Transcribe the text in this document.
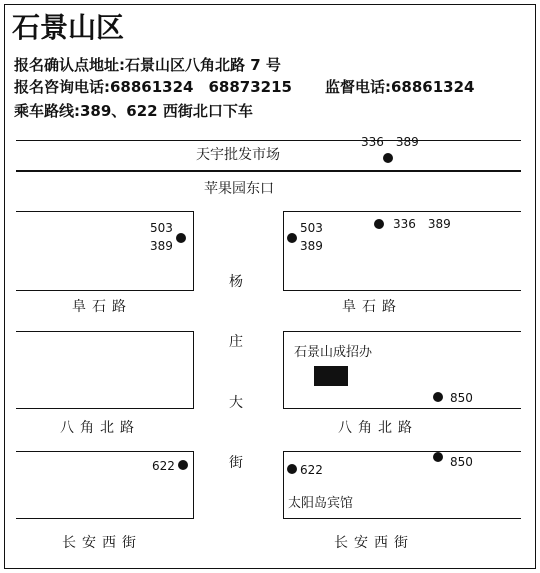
石景山区
报名确认点地址:石景山区八角北路 7 号
报名咨询电话:68861324　68873215 监督电话:68861324
乘车路线:389、622 西街北口下车
天宇批发市场
336　389
苹果园东口
503
389
503
389
336　389
阜石路	阜石路
石景山成招办
850
八角北路	八角北路
622	622
850
太阳岛宾馆
长安西街	长安西街
杨
庄
大
街
